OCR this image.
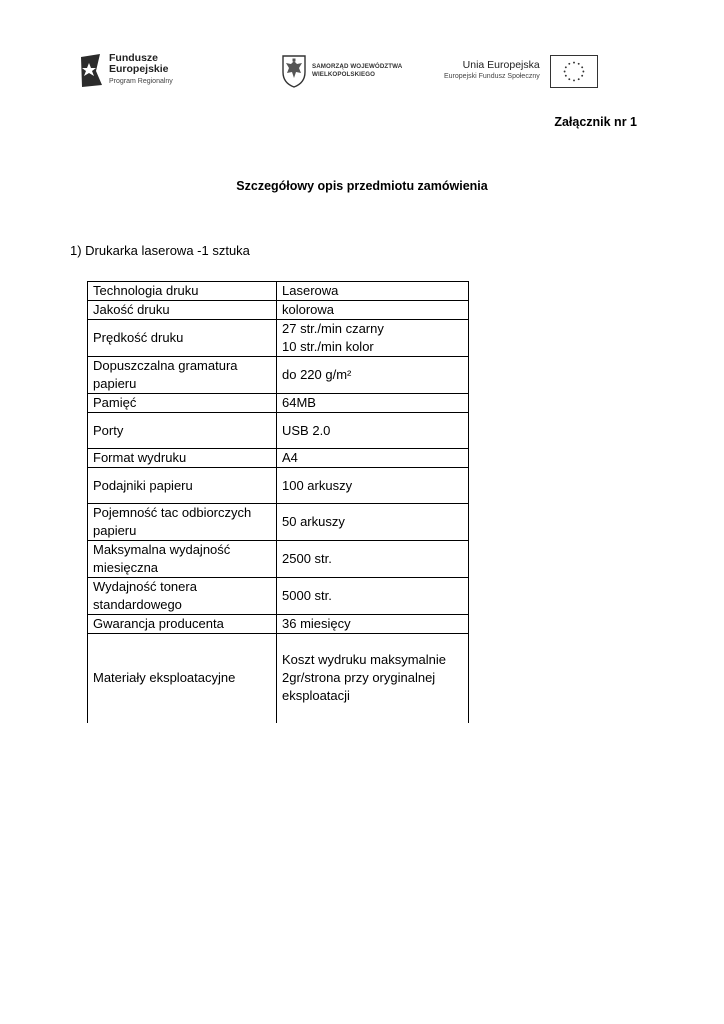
Fundusze
Europejskie
Program Regionalny
SAMORZĄD WOJEWÓDZTWA
WIELKOPOLSKIEGO
Unia Europejska
Europejski Fundusz Społeczny
Załącznik nr 1
Szczegółowy opis przedmiotu zamówienia
1) Drukarka laserowa -1 sztuka
Technologia druku	Laserowa

Jakość druku	kolorowa

Prędkość druku	27 str./min czarny
10 str./min kolor

Dopuszczalna gramatura papieru	do 220 g/m²

Pamięć	64MB

Porty	USB 2.0

Format wydruku	A4

Podajniki papieru	100 arkuszy

Pojemność tac odbiorczych papieru	50 arkuszy

Maksymalna wydajność miesięczna	2500 str.

Wydajność tonera standardowego	5000 str.

Gwarancja producenta	36 miesięcy

Materiały eksploatacyjne	Koszt wydruku maksymalnie
2gr/strona przy oryginalnej
eksploatacji
